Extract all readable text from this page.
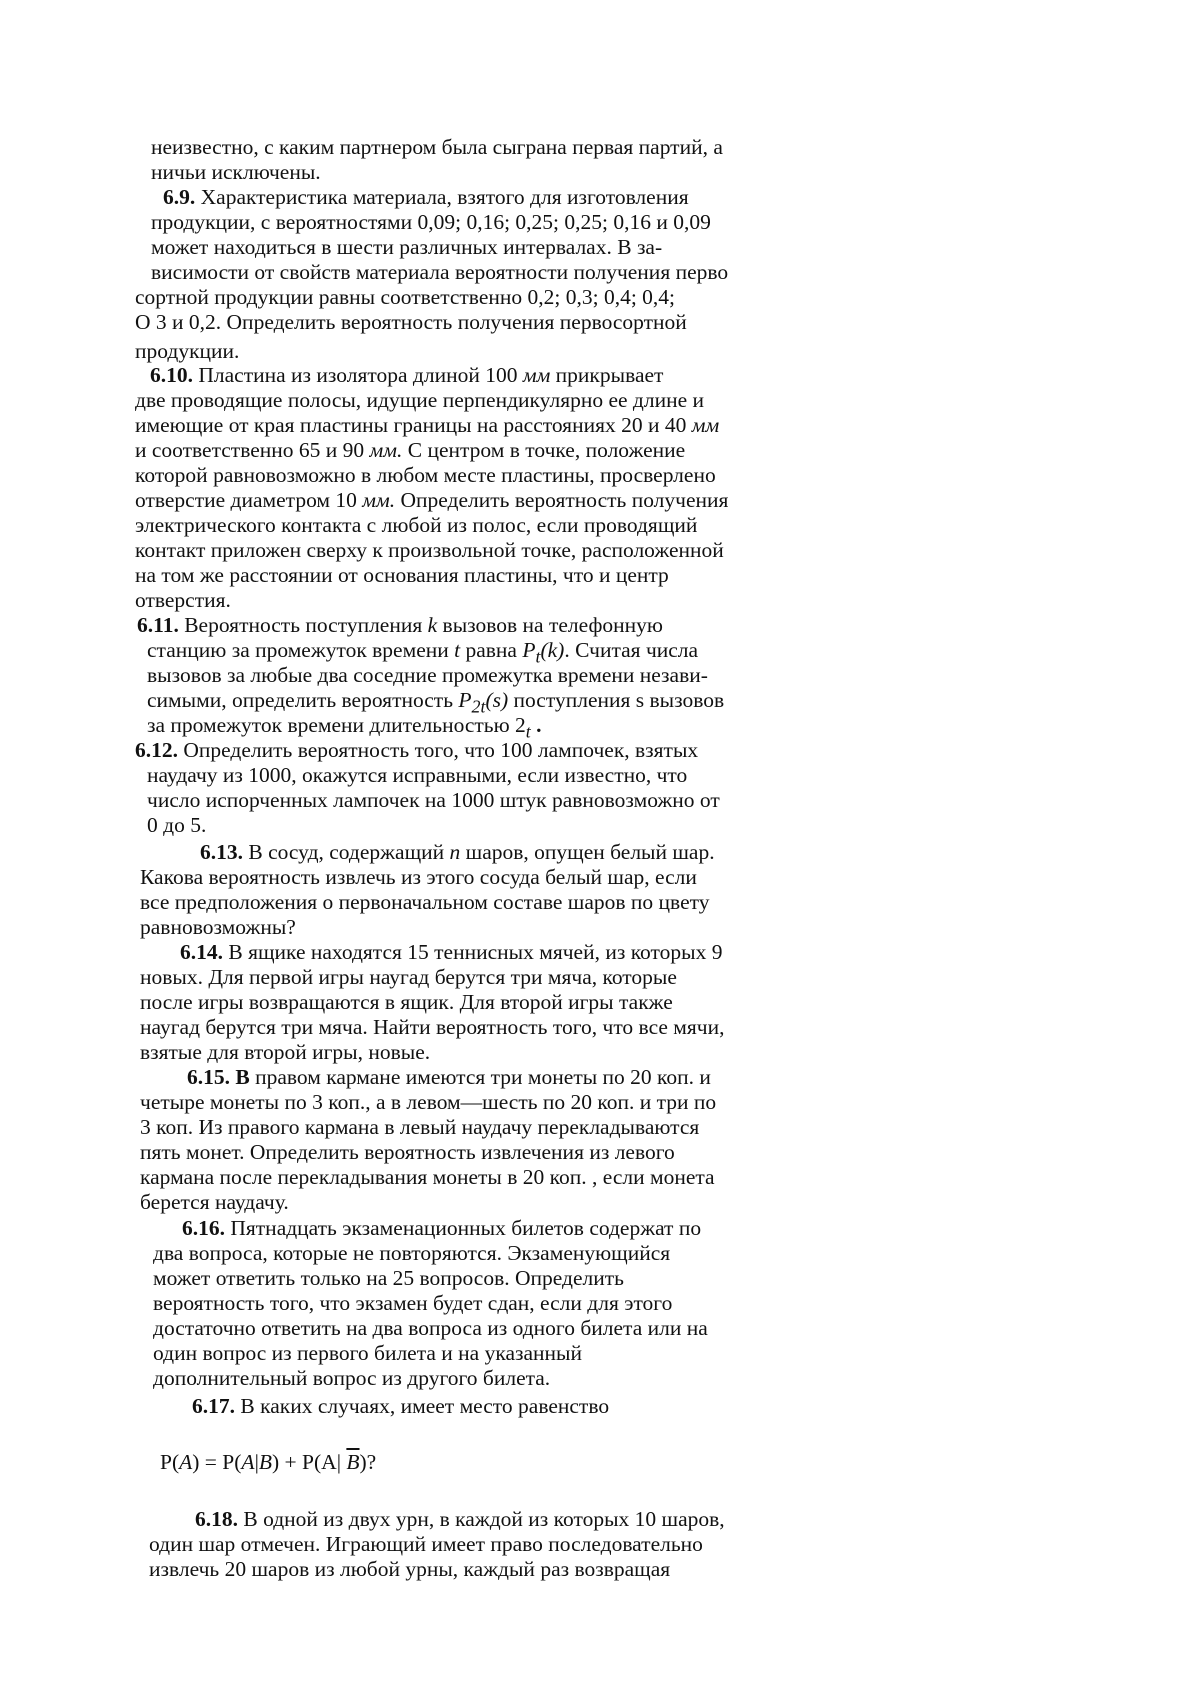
неизвестно, с каким партнером была сыграна первая партий, а
ничьи исключены.
6.9. Характеристика материала, взятого для изготовления
продукции, с вероятностями 0,09; 0,16; 0,25; 0,25; 0,16 и 0,09
может находиться в шести различных интервалах. В за-
висимости от свойств материала вероятности получения перво
сортной продукции равны соответственно 0,2; 0,3; 0,4; 0,4;
О 3 и 0,2. Определить вероятность получения первосортной
продукции.
6.10. Пластина из изолятора длиной 100 мм прикрывает
две проводящие полосы, идущие перпендикулярно ее длине и
имеющие от края пластины границы на расстояниях 20 и 40 мм
и соответственно 65 и 90 мм. С центром в точке, положение
которой равновозможно в любом месте пластины, просверлено
отверстие диаметром 10 мм. Определить вероятность получения
электрического контакта с любой из полос, если проводящий
контакт приложен сверху к произвольной точке, расположенной
на том же расстоянии от основания пластины, что и центр
отверстия.
6.11. Вероятность поступления k вызовов на телефонную
станцию за промежуток времени t равна $P_t(k)$. Считая числа
вызовов за любые два соседние промежутка времени незави-
симыми, определить вероятность $P_{2t}(s)$ поступления s вызовов
за промежуток времени длительностью $2_t$ .
6.12. Определить вероятность того, что 100 лампочек, взятых
наудачу из 1000, окажутся исправными, если известно, что
число испорченных лампочек на 1000 штук равновозможно от
0 до 5.
6.13. В сосуд, содержащий n шаров, опущен белый шар.
Какова вероятность извлечь из этого сосуда белый шар, если
все предположения о первоначальном составе шаров по цвету
равновозможны?
6.14. В ящике находятся 15 теннисных мячей, из которых 9
новых. Для первой игры наугад берутся три мяча, которые
после игры возвращаются в ящик. Для второй игры также
наугад берутся три мяча. Найти вероятность того, что все мячи,
взятые для второй игры, новые.
6.15. В правом кармане имеются три монеты по 20 коп. и
четыре монеты по 3 коп., а в левом—шесть по 20 коп. и три по
3 коп. Из правого кармана в левый наудачу перекладываются
пять монет. Определить вероятность извлечения из левого
кармана после перекладывания монеты в 20 коп. , если монета
берется наудачу.
6.16. Пятнадцать экзаменационных билетов содержат по
два вопроса, которые не повторяются. Экзаменующийся
может ответить только на 25 вопросов. Определить
вероятность того, что экзамен будет сдан, если для этого
достаточно ответить на два вопроса из одного билета или на
один вопрос из первого билета и на указанный
дополнительный вопрос из другого билета.
6.17. В каких случаях, имеет место равенство
P(A) = P(A|B) + P(A| $\overline{B}$)?
6.18. В одной из двух урн, в каждой из которых 10 шаров,
один шар отмечен. Играющий имеет право последовательно
извлечь 20 шаров из любой урны, каждый раз возвращая
